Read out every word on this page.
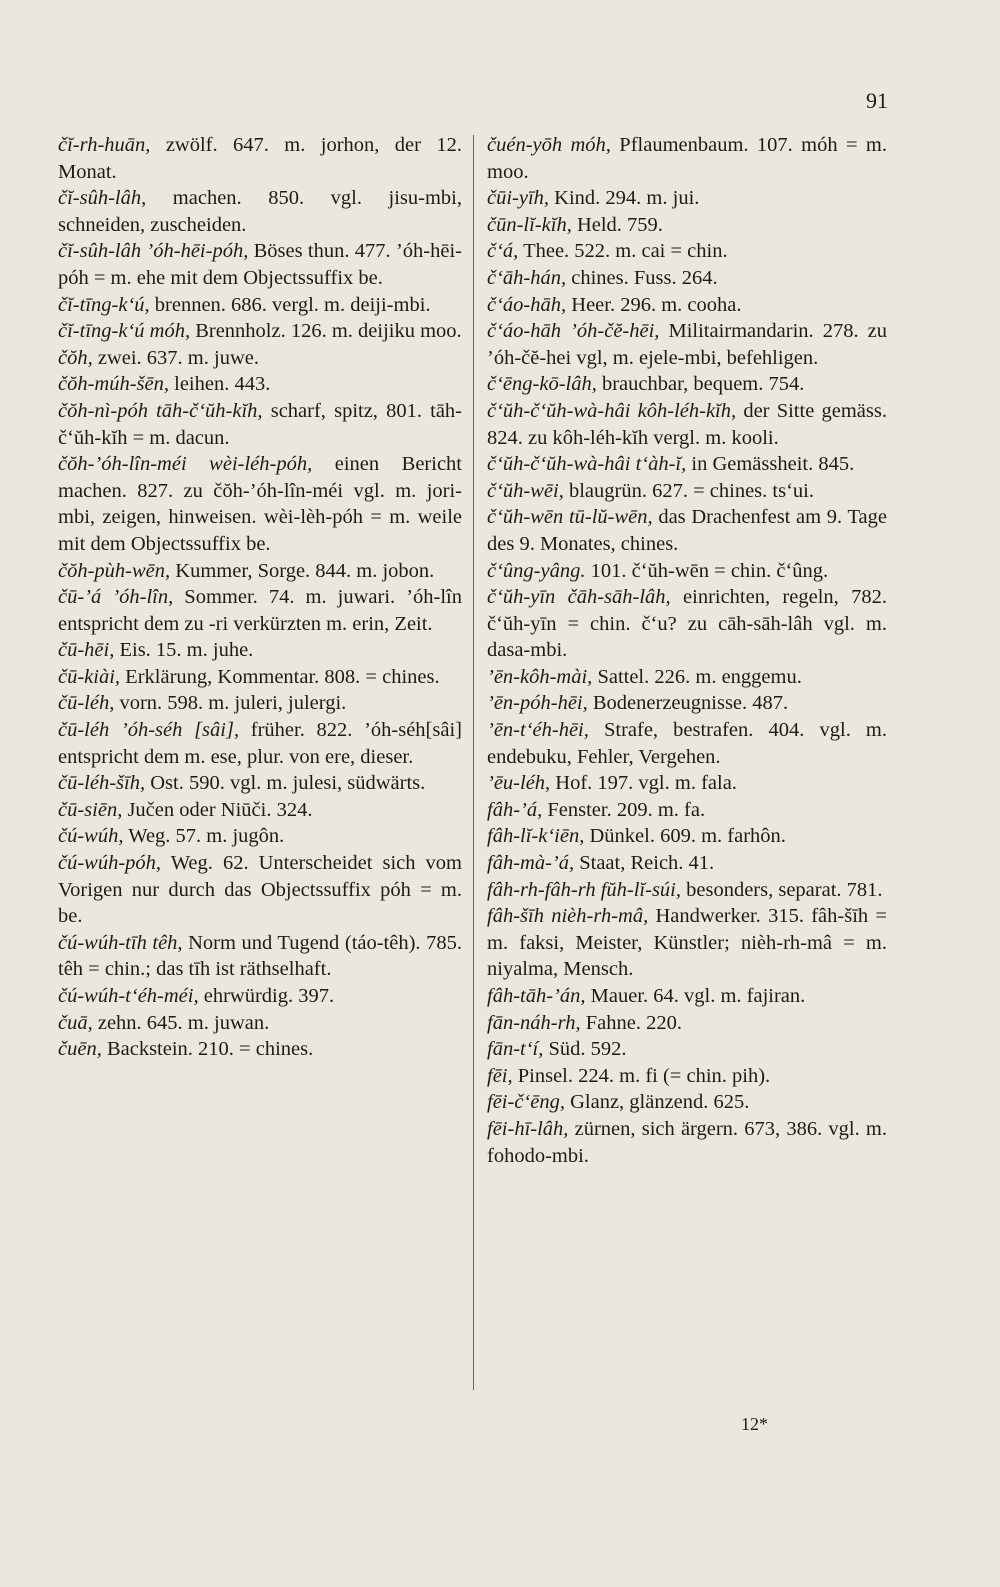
91

čĭ-rh-huān, zwölf. 647. m. jorhon, der 12. Monat.

čĭ-sûh-lâh, machen. 850. vgl. jisu-mbi, schneiden, zuscheiden.

čĭ-sûh-lâh ’óh-hēi-póh, Böses thun. 477. ’óh-hēi-póh = m. ehe mit dem Objectssuffix be.

čĭ-tīng-k‘ú, brennen. 686. vergl. m. deiji-mbi.

čĭ-tīng-k‘ú móh, Brennholz. 126. m. deijiku moo.

čŏh, zwei. 637. m. juwe.

čŏh-múh-šēn, leihen. 443.

čŏh-nì-póh tāh-č‘ŭh-kĭh, scharf, spitz, 801. tāh-č‘ŭh-kĭh = m. dacun.

čŏh-’óh-lîn-méi wèi-léh-póh, einen Bericht machen. 827. zu čŏh-’óh-lîn-méi vgl. m. jori-mbi, zeigen, hinweisen. wèi-lèh-póh = m. weile mit dem Objectssuffix be.

čŏh-pùh-wēn, Kummer, Sorge. 844. m. jobon.

čū-’á ’óh-lîn, Sommer. 74. m. juwari. ’óh-lîn entspricht dem zu -ri verkürzten m. erin, Zeit.

čū-hēi, Eis. 15. m. juhe.

čū-kiài, Erklärung, Kommentar. 808. = chines.

čū-léh, vorn. 598. m. juleri, julergi.

čū-léh ’óh-séh [sâi], früher. 822. ’óh-séh[sâi] entspricht dem m. ese, plur. von ere, dieser.

čū-léh-šīh, Ost. 590. vgl. m. julesi, südwärts.

čū-siēn, Jučen oder Niūči. 324.

čú-wúh, Weg. 57. m. jugôn.

čú-wúh-póh, Weg. 62. Unterscheidet sich vom Vorigen nur durch das Objectssuffix póh = m. be.

čú-wúh-tīh têh, Norm und Tugend (táo-têh). 785. têh = chin.; das tīh ist räthselhaft.

čú-wúh-t‘éh-méi, ehrwürdig. 397.

čuā, zehn. 645. m. juwan.

čuēn, Backstein. 210. = chines.

čuén-yōh móh, Pflaumenbaum. 107. móh = m. moo.

čūi-yīh, Kind. 294. m. jui.

čūn-lĭ-kĭh, Held. 759.

č‘á, Thee. 522. m. cai = chin.

č‘āh-hán, chines. Fuss. 264.

č‘áo-hāh, Heer. 296. m. cooha.

č‘áo-hāh ’óh-čĕ-hēi, Militairmandarin. 278. zu ’óh-čĕ-hei vgl, m. ejele-mbi, befehligen.

č‘ēng-kō-lâh, brauchbar, bequem. 754.

č‘ŭh-č‘ŭh-wà-hâi kôh-léh-kĭh, der Sitte gemäss. 824. zu kôh-léh-kĭh vergl. m. kooli.

č‘ŭh-č‘ŭh-wà-hâi t‘àh-ĭ, in Gemässheit. 845.

č‘ŭh-wēi, blaugrün. 627. = chines. ts‘ui.

č‘ŭh-wēn tū-lŭ-wēn, das Drachenfest am 9. Tage des 9. Monates, chines.

č‘ûng-yâng. 101. č‘ŭh-wēn = chin. č‘ûng.

č‘ŭh-yīn čāh-sāh-lâh, einrichten, regeln, 782. č‘ŭh-yīn = chin. č‘u? zu cāh-sāh-lâh vgl. m. dasa-mbi.

’ēn-kôh-mài, Sattel. 226. m. enggemu.

’ēn-póh-hēi, Bodenerzeugnisse. 487.

’ēn-t‘éh-hēi, Strafe, bestrafen. 404. vgl. m. endebuku, Fehler, Vergehen.

’ēu-léh, Hof. 197. vgl. m. fala.

fâh-’á, Fenster. 209. m. fa.

fâh-lĭ-k‘iēn, Dünkel. 609. m. farhôn.

fâh-mà-’á, Staat, Reich. 41.

fâh-rh-fâh-rh fŭh-lĭ-súi, besonders, separat. 781.

fâh-šīh nièh-rh-mâ, Handwerker. 315. fâh-šīh = m. faksi, Meister, Künstler; nièh-rh-mâ = m. niyalma, Mensch.

fâh-tāh-’án, Mauer. 64. vgl. m. fajiran.

fān-náh-rh, Fahne. 220.

fān-t‘í, Süd. 592.

fēi, Pinsel. 224. m. fi (= chin. pih).

fēi-č‘ēng, Glanz, glänzend. 625.

fēi-hī-lâh, zürnen, sich ärgern. 673, 386. vgl. m. fohodo-mbi.

12*
